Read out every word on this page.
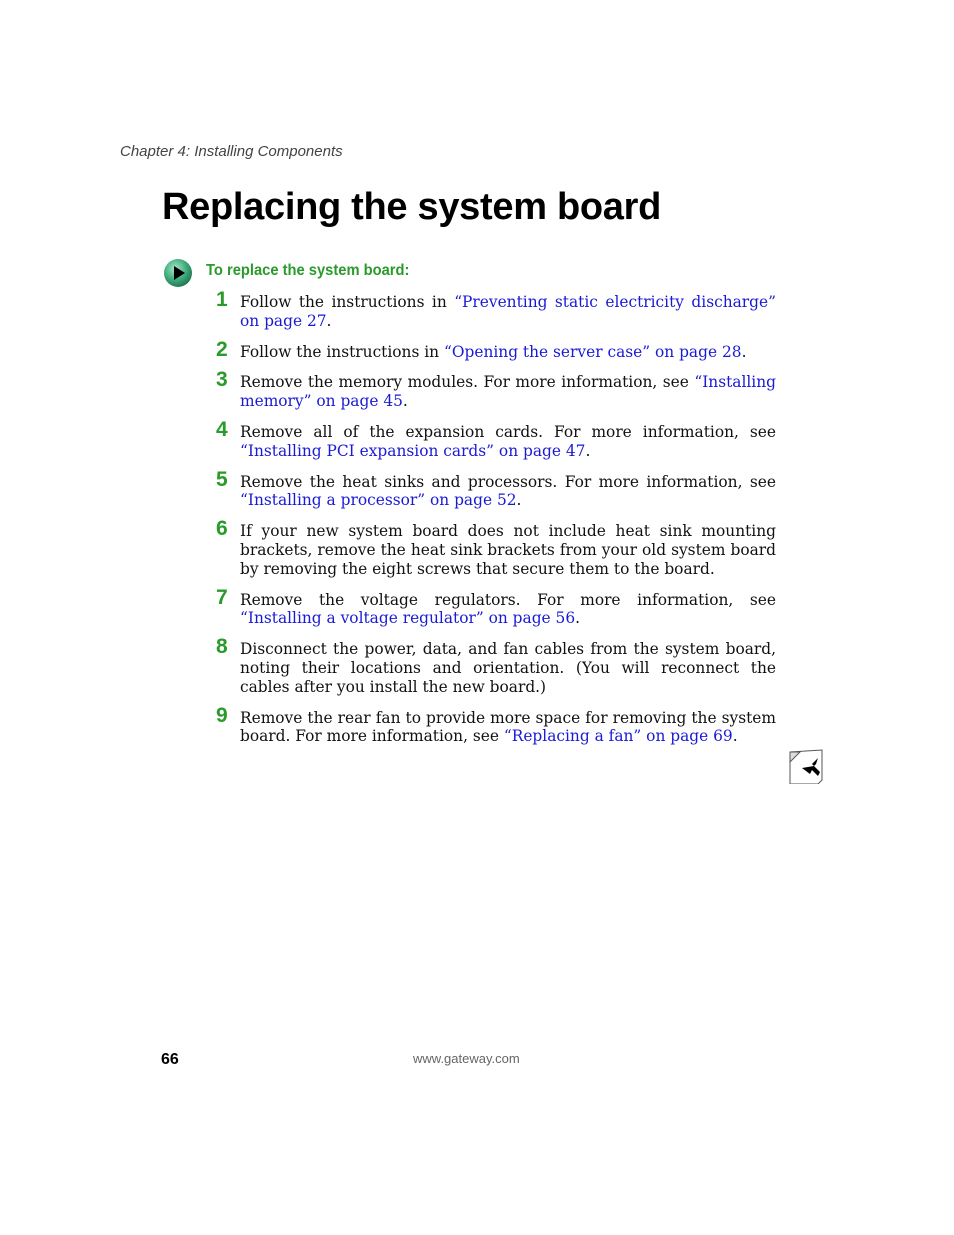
Chapter 4: Installing Components
Replacing the system board
To replace the system board:
1 Follow the instructions in “Preventing static electricity discharge” on page 27.
2 Follow the instructions in “Opening the server case” on page 28.
3 Remove the memory modules. For more information, see “Installing memory” on page 45.
4 Remove all of the expansion cards. For more information, see “Installing PCI expansion cards” on page 47.
5 Remove the heat sinks and processors. For more information, see “Installing a processor” on page 52.
6 If your new system board does not include heat sink mounting brackets, remove the heat sink brackets from your old system board by removing the eight screws that secure them to the board.
7 Remove the voltage regulators. For more information, see “Installing a voltage regulator” on page 56.
8 Disconnect the power, data, and fan cables from the system board, noting their locations and orientation. (You will reconnect the cables after you install the new board.)
9 Remove the rear fan to provide more space for removing the system board. For more information, see “Replacing a fan” on page 69.
66	www.gateway.com
